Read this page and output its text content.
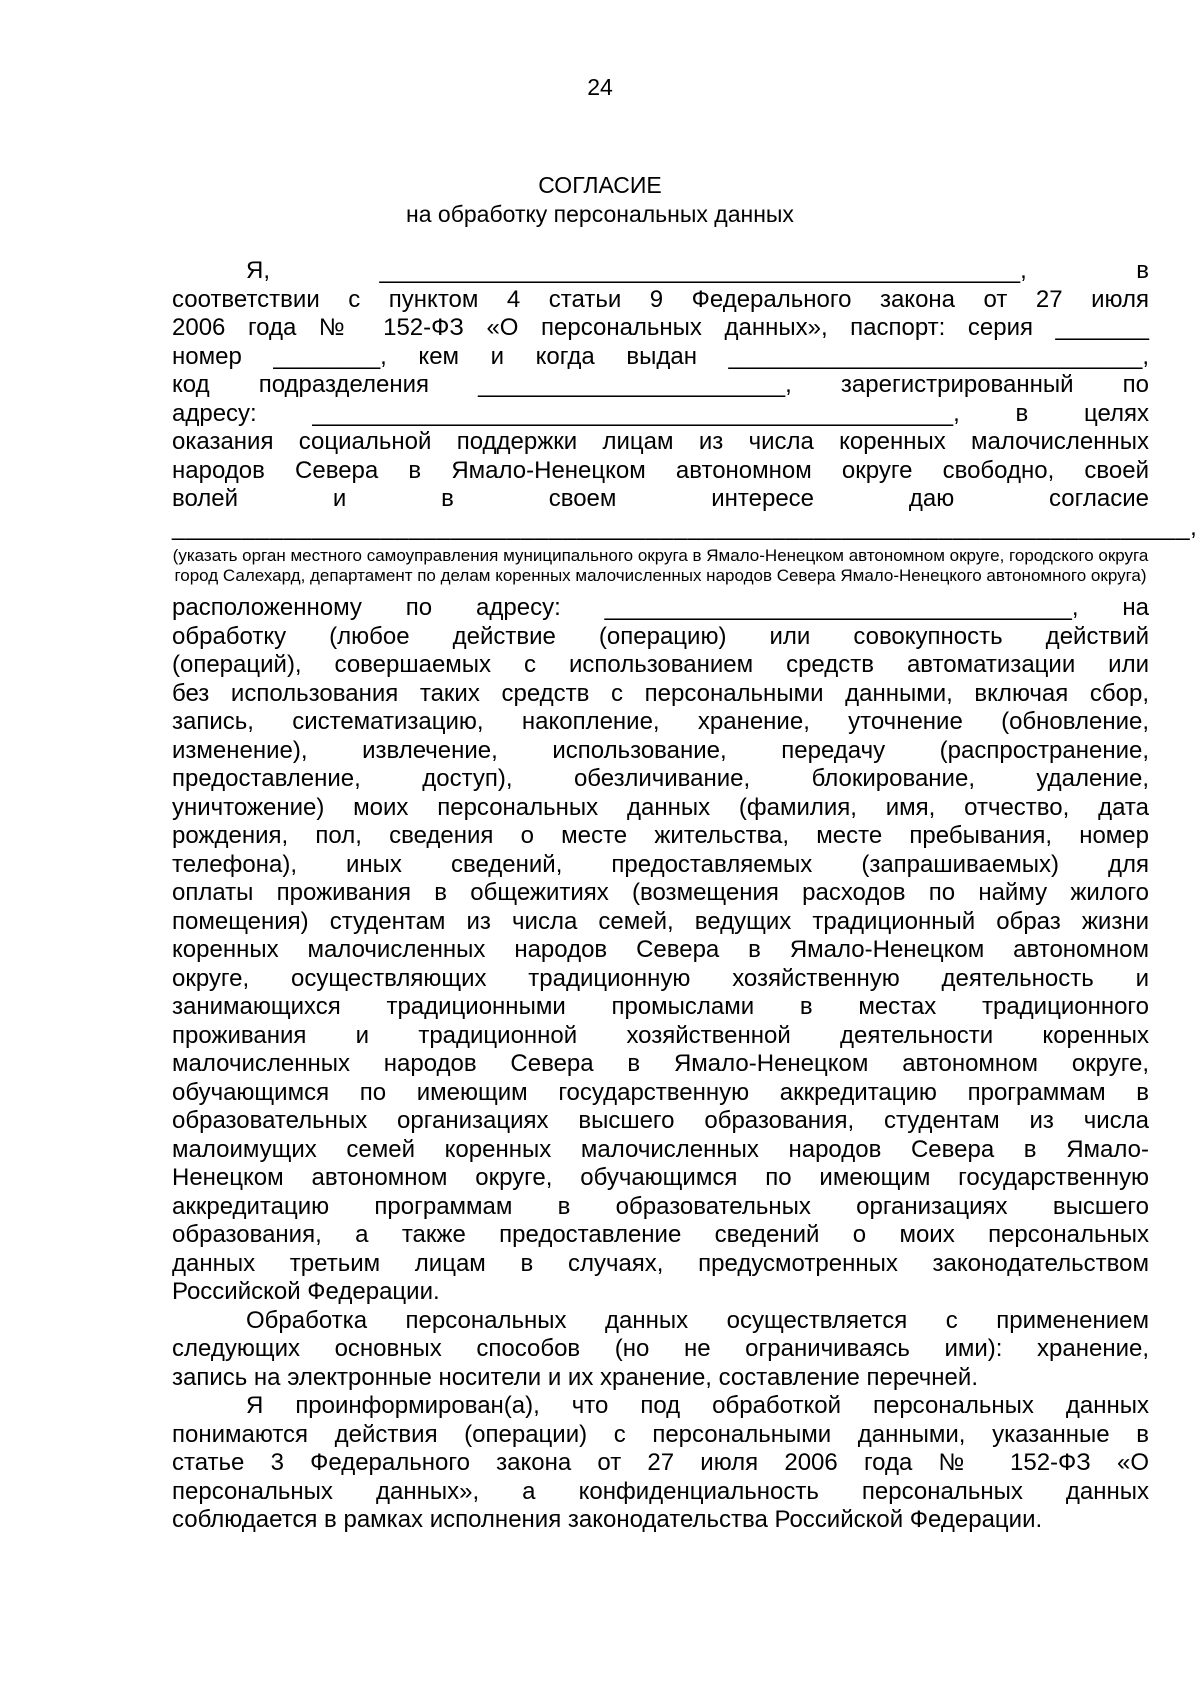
24
СОГЛАСИЕ
на обработку персональных данных
Я, ________________________________________________, в
соответствии с пунктом 4 статьи 9 Федерального закона от 27 июля
2006 года № 152-ФЗ «О персональных данных», паспорт: серия _______
номер ________, кем и когда выдан _______________________________,
код подразделения _______________________, зарегистрированный по
адресу: ________________________________________________, в целях
оказания социальной поддержки лицам из числа коренных малочисленных
народов Севера в Ямало-Ненецком автономном округе свободно, своей
волей и в своем интересе даю согласие
_________________________________________________________________________,
(указать орган местного самоуправления муниципального округа в Ямало-Ненецком автономном округе, городского округа город Салехард, департамент по делам коренных малочисленных народов Севера Ямало-Ненецкого автономного округа)
расположенному по адресу: ___________________________________, на
обработку (любое действие (операцию) или совокупность действий
(операций), совершаемых с использованием средств автоматизации или
без использования таких средств с персональными данными, включая сбор,
запись, систематизацию, накопление, хранение, уточнение (обновление,
изменение), извлечение, использование, передачу (распространение,
предоставление, доступ), обезличивание, блокирование, удаление,
уничтожение) моих персональных данных (фамилия, имя, отчество, дата
рождения, пол, сведения о месте жительства, месте пребывания, номер
телефона), иных сведений, предоставляемых (запрашиваемых) для
оплаты проживания в общежитиях (возмещения расходов по найму жилого
помещения) студентам из числа семей, ведущих традиционный образ жизни
коренных малочисленных народов Севера в Ямало-Ненецком автономном
округе, осуществляющих традиционную хозяйственную деятельность и
занимающихся традиционными промыслами в местах традиционного
проживания и традиционной хозяйственной деятельности коренных
малочисленных народов Севера в Ямало-Ненецком автономном округе,
обучающимся по имеющим государственную аккредитацию программам в
образовательных организациях высшего образования, студентам из числа
малоимущих семей коренных малочисленных народов Севера в Ямало-
Ненецком автономном округе, обучающимся по имеющим государственную
аккредитацию программам в образовательных организациях высшего
образования, а также предоставление сведений о моих персональных
данных третьим лицам в случаях, предусмотренных законодательством
Российской Федерации.
Обработка персональных данных осуществляется с применением
следующих основных способов (но не ограничиваясь ими): хранение,
запись на электронные носители и их хранение, составление перечней.
Я проинформирован(а), что под обработкой персональных данных
понимаются действия (операции) с персональными данными, указанные в
статье 3 Федерального закона от 27 июля 2006 года № 152-ФЗ «О
персональных данных», а конфиденциальность персональных данных
соблюдается в рамках исполнения законодательства Российской Федерации.
